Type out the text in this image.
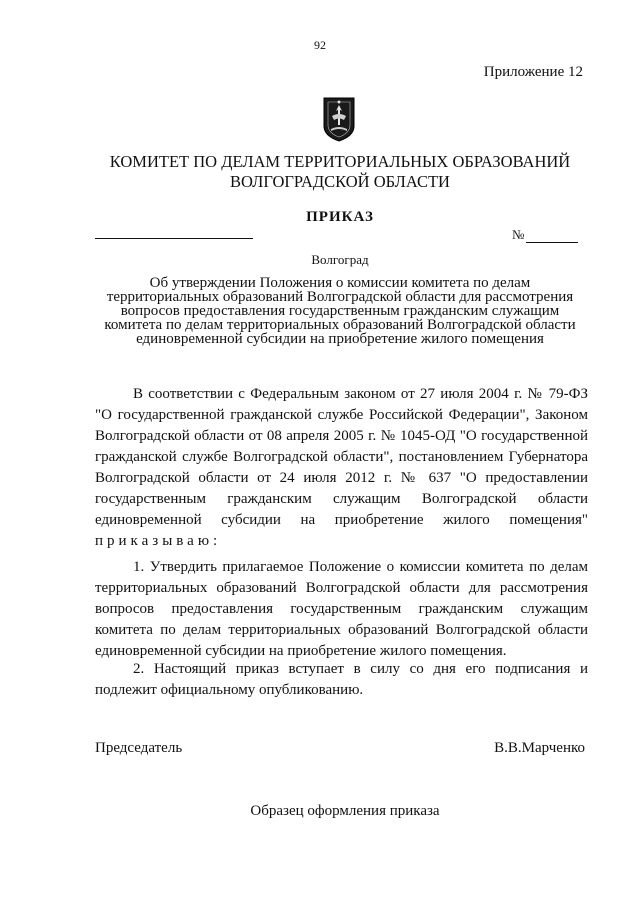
92
Приложение 12
КОМИТЕТ ПО ДЕЛАМ ТЕРРИТОРИАЛЬНЫХ ОБРАЗОВАНИЙ
ВОЛГОГРАДСКОЙ ОБЛАСТИ
ПРИКАЗ
№
Волгоград
Об утверждении Положения о комиссии комитета по делам
территориальных образований Волгоградской области для рассмотрения
вопросов предоставления государственным гражданским служащим
комитета по делам территориальных образований Волгоградской области
единовременной субсидии на приобретение жилого помещения

В соответствии с Федеральным законом от 27 июля 2004 г. № 79-ФЗ "О государственной гражданской службе Российской Федерации", Законом Волгоградской области от 08 апреля 2005 г. № 1045-ОД "О государственной гражданской службе Волгоградской области", постановлением Губернатора Волгоградской области от 24 июля 2012 г. № 637 "О предоставлении государственным гражданским служащим Волгоградской области единовременной субсидии на приобретение жилого помещения" приказываю:

1. Утвердить прилагаемое Положение о комиссии комитета по делам территориальных образований Волгоградской области для рассмотрения вопросов предоставления государственным гражданским служащим комитета по делам территориальных образований Волгоградской области единовременной субсидии на приобретение жилого помещения.

2. Настоящий приказ вступает в силу со дня его подписания и подлежит официальному опубликованию.

Председатель	В.В.Марченко
Образец оформления приказа
